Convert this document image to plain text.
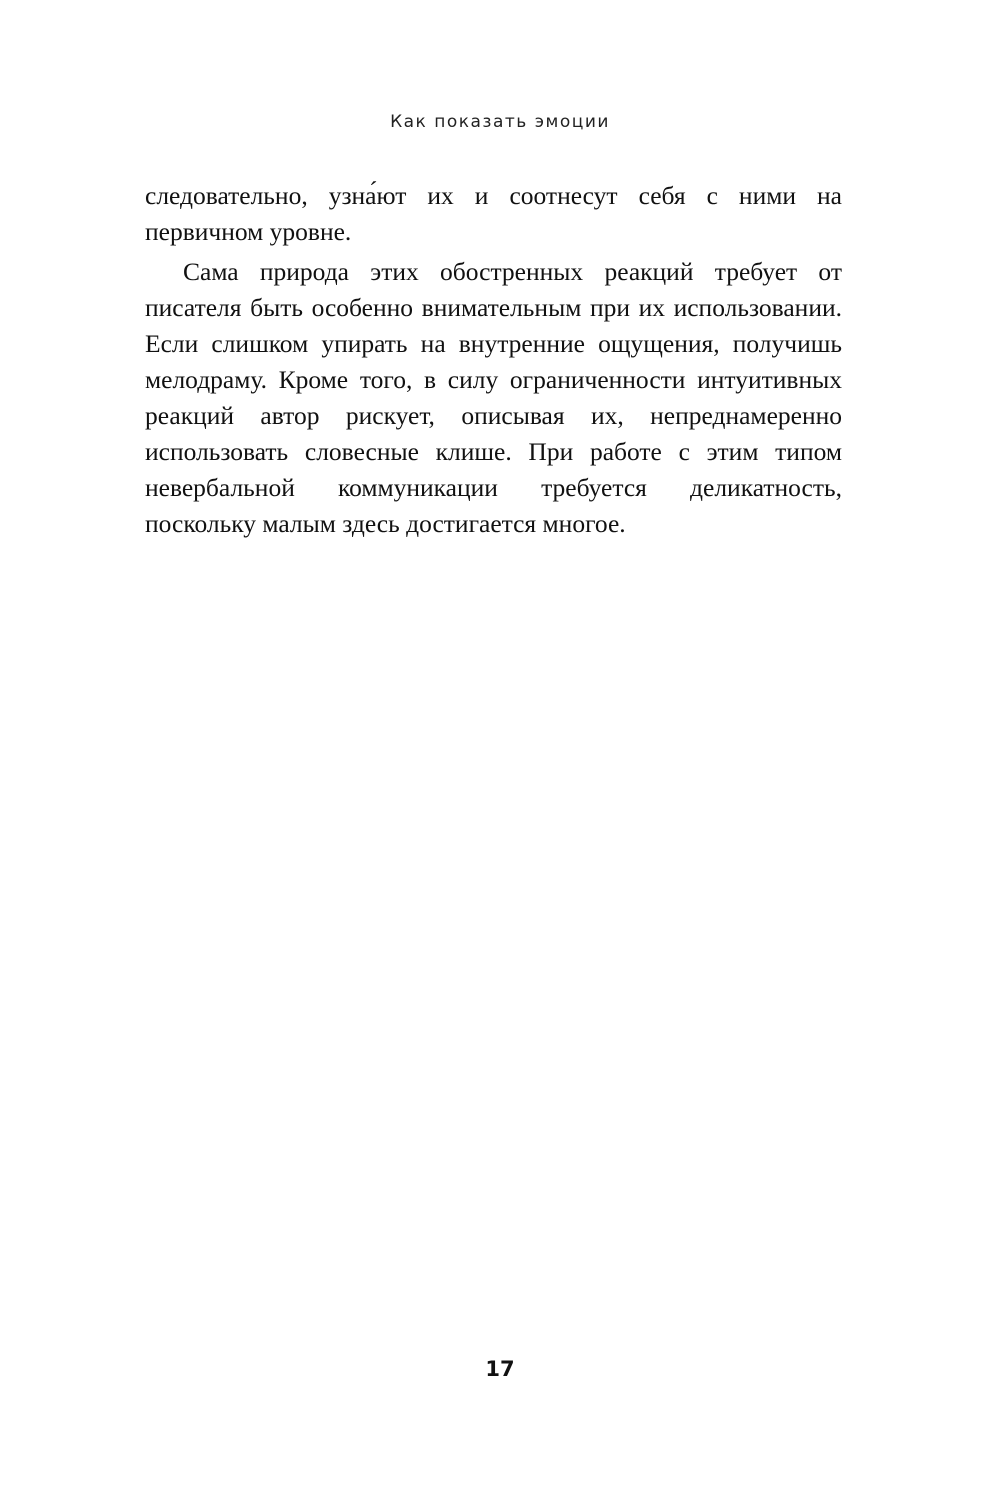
Как показать эмоции

следовательно, узна́ют их и соотнесут себя с ними на первичном уровне.

Сама природа этих обостренных реакций требует от писателя быть особенно внимательным при их использовании. Если слишком упирать на внутренние ощущения, получишь мелодраму. Кроме того, в силу ограниченности интуитивных реакций автор рискует, описывая их, непреднамеренно использовать словесные клише. При работе с этим типом невербальной коммуникации требуется деликатность, поскольку малым здесь достигается многое.

17
